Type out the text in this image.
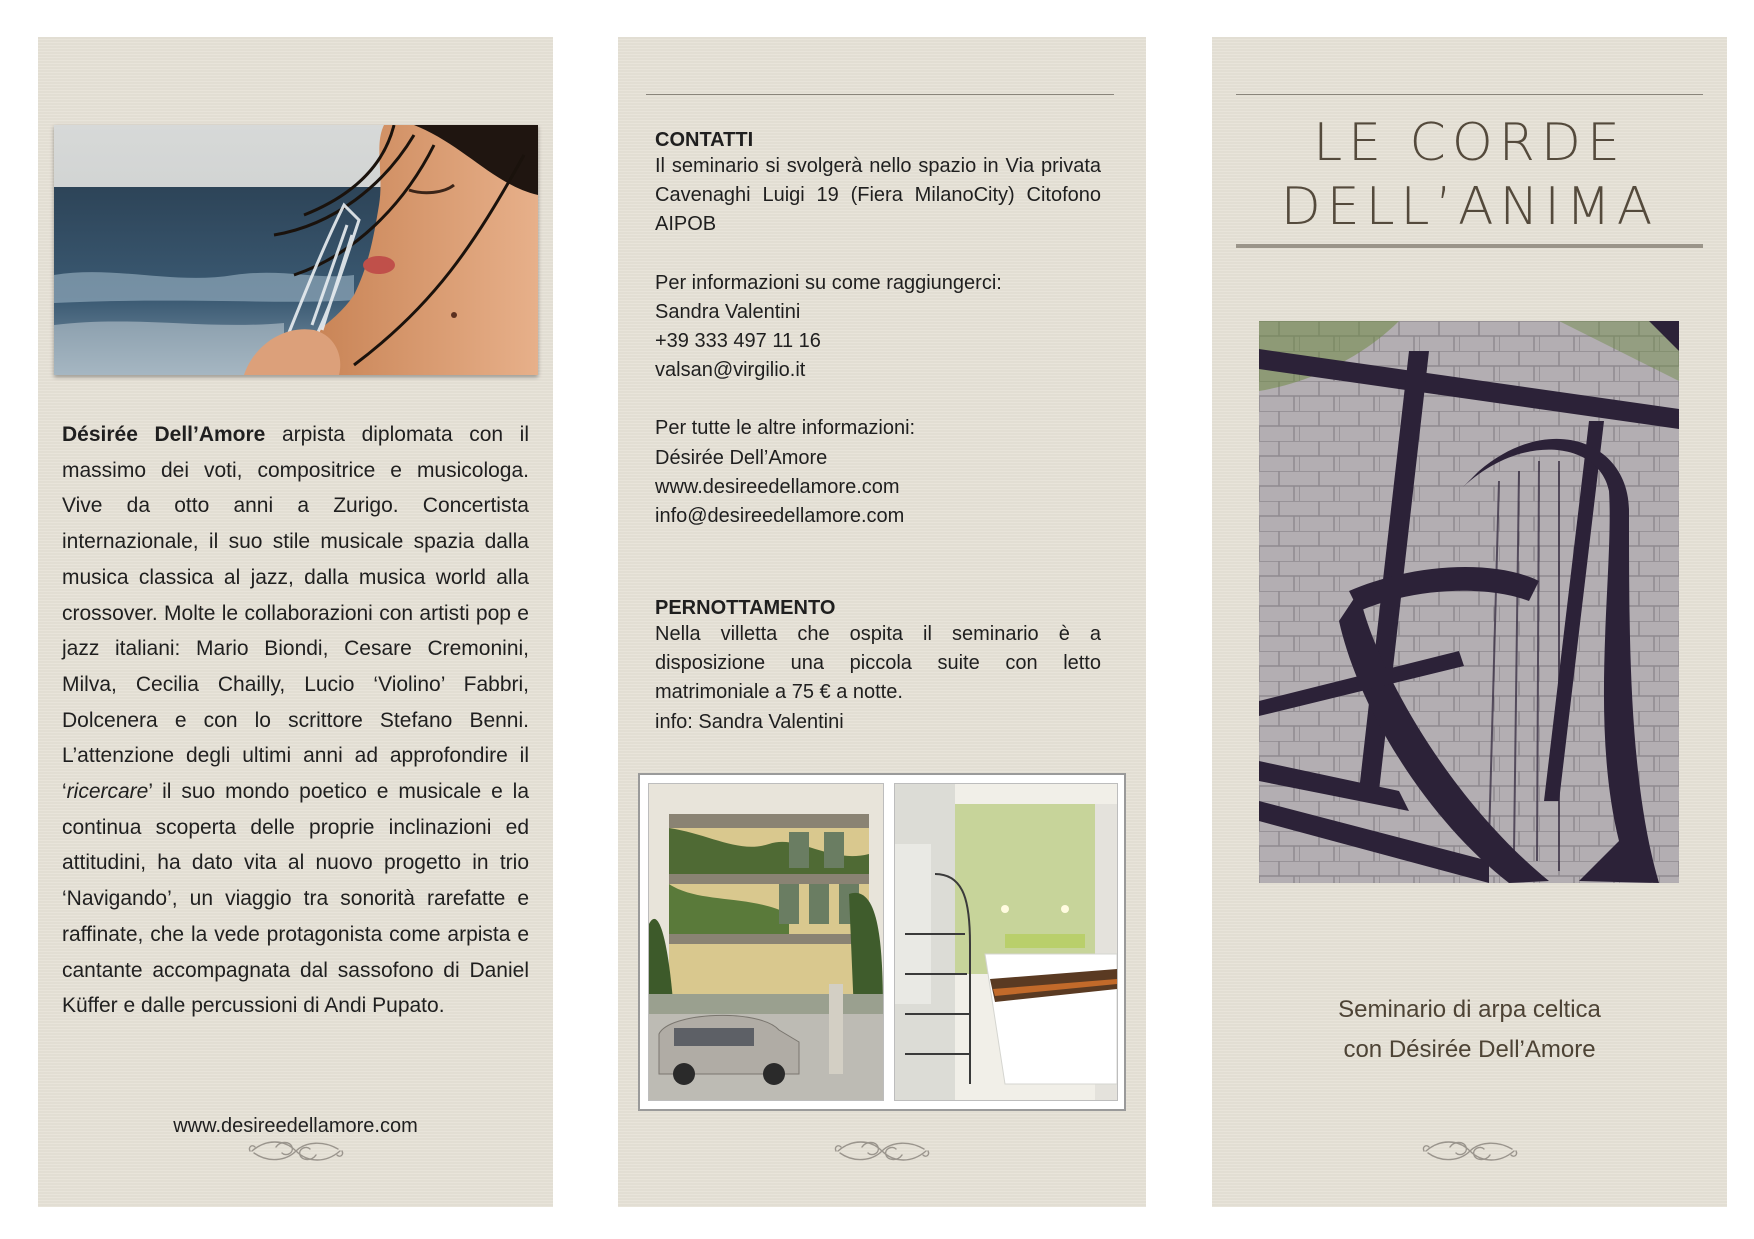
Désirée Dell’Amore arpista diplomata con il massimo dei voti, compositrice e musicologa. Vive da otto anni a Zurigo. Concertista internazionale, il suo stile musicale spazia dalla musica classica al jazz, dalla musica world alla crossover. Molte le collaborazioni con artisti pop e jazz italiani: Mario Biondi, Cesare Cremonini, Milva, Cecilia Chailly, Lucio ‘Violino’ Fabbri, Dolcenera e con lo scrittore Stefano Benni. L’attenzione degli ultimi anni ad approfondire il ‘ricercare’ il suo mondo poetico e musicale e la continua scoperta delle proprie inclinazioni ed attitudini, ha dato vita al nuovo progetto in trio ‘Navigando’, un viaggio tra sonorità rarefatte e raffinate, che la vede protagonista come arpista e cantante accompagnata dal sassofono di Daniel Küffer e dalle percussioni di Andi Pupato.

www.desireedellamore.com

CONTATTI

Il seminario si svolgerà nello spazio in Via privata Cavenaghi Luigi 19 (Fiera MilanoCity) Citofono AIPOB

Per informazioni su come raggiungerci:

Sandra Valentini

+39 333 497 11 16

valsan@virgilio.it

Per tutte le altre informazioni:

Désirée Dell’Amore

www.desireedellamore.com

info@desireedellamore.com

PERNOTTAMENTO

Nella villetta che ospita il seminario è a disposizione una piccola suite con letto matrimoniale a 75 € a notte.

info: Sandra Valentini

LE CORDE
DELL’ANIMA
Seminario di arpa celtica
con Désirée Dell’Amore
